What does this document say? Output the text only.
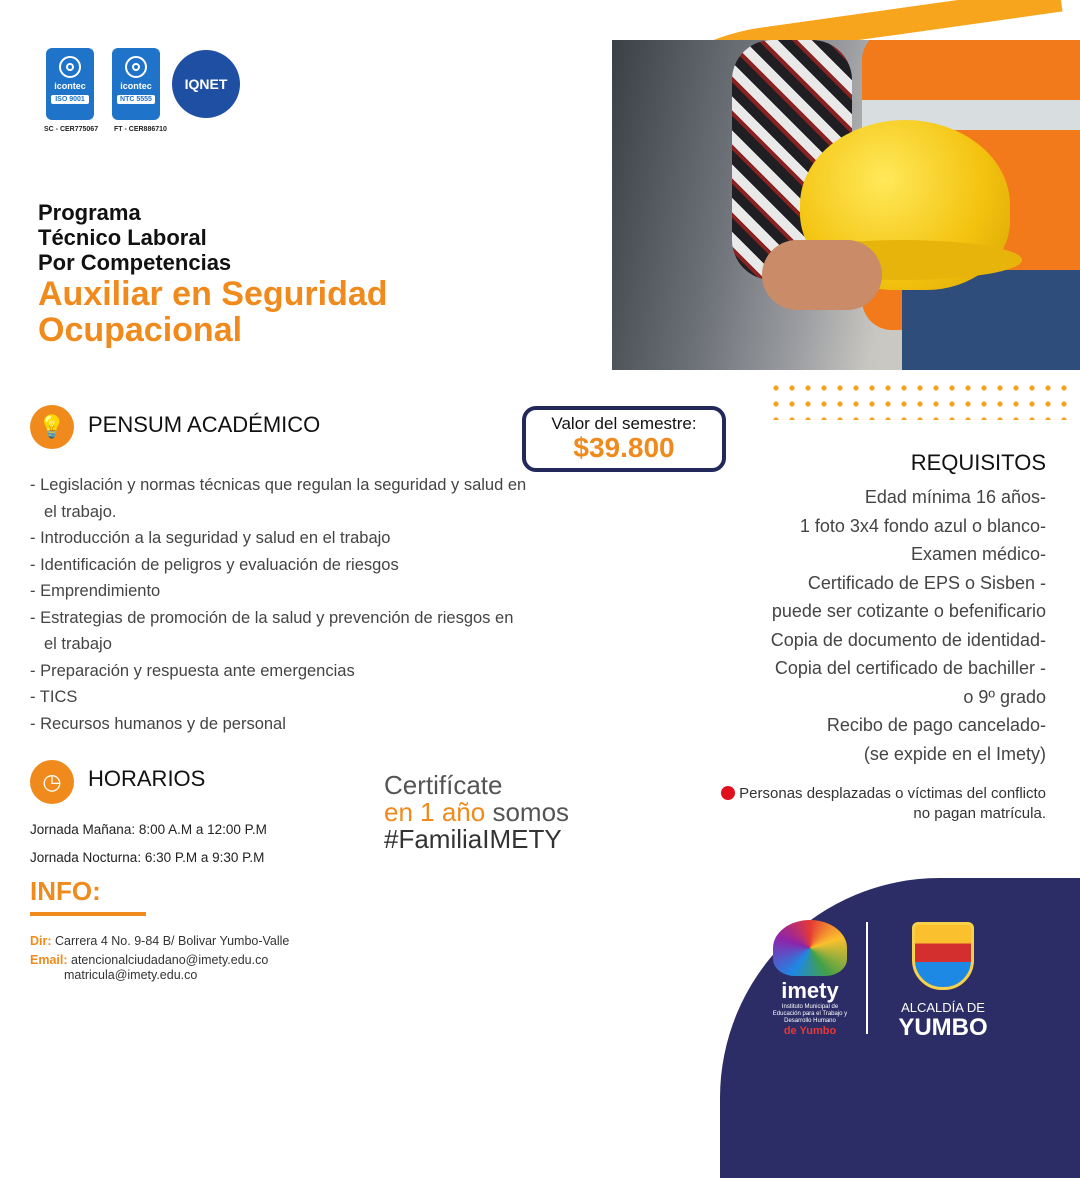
icontec
ISO 9001
SC - CER775067
icontec
NTC 5555
FT - CER886710
IQNET
Programa
Técnico Laboral
Por Competencias
Auxiliar en Seguridad
Ocupacional
💡	PENSUM ACADÉMICO
- Legislación y normas técnicas que regulan la seguridad y salud en el trabajo.
- Introducción a la seguridad y salud en el trabajo
- Identificación de peligros y evaluación de riesgos
- Emprendimiento
- Estrategias de promoción de la salud y prevención de riesgos en el trabajo
- Preparación y respuesta ante emergencias
- TICS
- Recursos humanos y de personal
Valor del semestre:
$39.800	REQUISITOS
Edad mínima 16 años-
1 foto 3x4 fondo azul o blanco-
Examen médico-
Certificado de EPS o Sisben -
puede ser cotizante o befenificario
Copia de documento de identidad-
Copia del certificado de bachiller -
o 9º grado
Recibo de pago cancelado-
(se expide en el Imety)
Personas desplazadas o víctimas del conflicto
no pagan matrícula.
◷	HORARIOS
Jornada Mañana: 8:00 A.M a 12:00 P.M
Jornada Nocturna: 6:30 P.M a 9:30 P.M
Certifícate
en 1 año somos
#FamiliaIMETY
INFO:
Dir: Carrera 4 No. 9-84 B/ Bolivar Yumbo-Valle
Email: atencionalciudadano@imety.edu.co
matricula@imety.edu.co
imety
Instituto Municipal de Educación para el Trabajo y Desarrollo Humano
de Yumbo
ALCALDÍA DE
YUMBO
